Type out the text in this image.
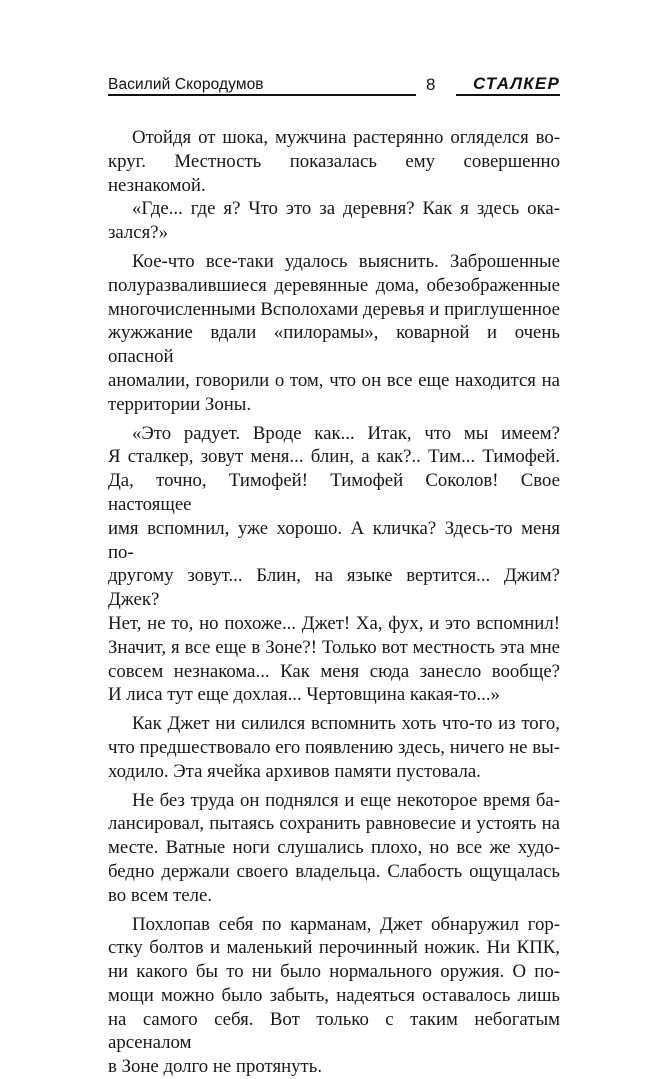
Василий Скородумов	8 СТАЛКЕР

Отойдя от шока, мужчина растерянно огляделся во-
круг. Местность показалась ему совершенно незнакомой.

«Где... где я? Что это за деревня? Как я здесь ока-
зался?»

Кое-что все-таки удалось выяснить. Заброшенные
полуразвалившиеся деревянные дома, обезображенные
многочисленными Всполохами деревья и приглушенное
жужжание вдали «пилорамы», коварной и очень опасной
аномалии, говорили о том, что он все еще находится на
территории Зоны.

«Это радует. Вроде как... Итак, что мы имеем?
Я сталкер, зовут меня... блин, а как?.. Тим... Тимофей.
Да, точно, Тимофей! Тимофей Соколов! Свое настоящее
имя вспомнил, уже хорошо. А кличка? Здесь-то меня по-
другому зовут... Блин, на языке вертится... Джим? Джек?
Нет, не то, но похоже... Джет! Ха, фух, и это вспомнил!
Значит, я все еще в Зоне?! Только вот местность эта мне
совсем незнакома... Как меня сюда занесло вообще?
И лиса тут еще дохлая... Чертовщина какая-то...»

Как Джет ни силился вспомнить хоть что-то из того,
что предшествовало его появлению здесь, ничего не вы-
ходило. Эта ячейка архивов памяти пустовала.

Не без труда он поднялся и еще некоторое время ба-
лансировал, пытаясь сохранить равновесие и устоять на
месте. Ватные ноги слушались плохо, но все же худо-
бедно держали своего владельца. Слабость ощущалась
во всем теле.

Похлопав себя по карманам, Джет обнаружил гор-
стку болтов и маленький перочинный ножик. Ни КПК,
ни какого бы то ни было нормального оружия. О по-
мощи можно было забыть, надеяться оставалось лишь
на самого себя. Вот только с таким небогатым арсеналом
в Зоне долго не протянуть.
